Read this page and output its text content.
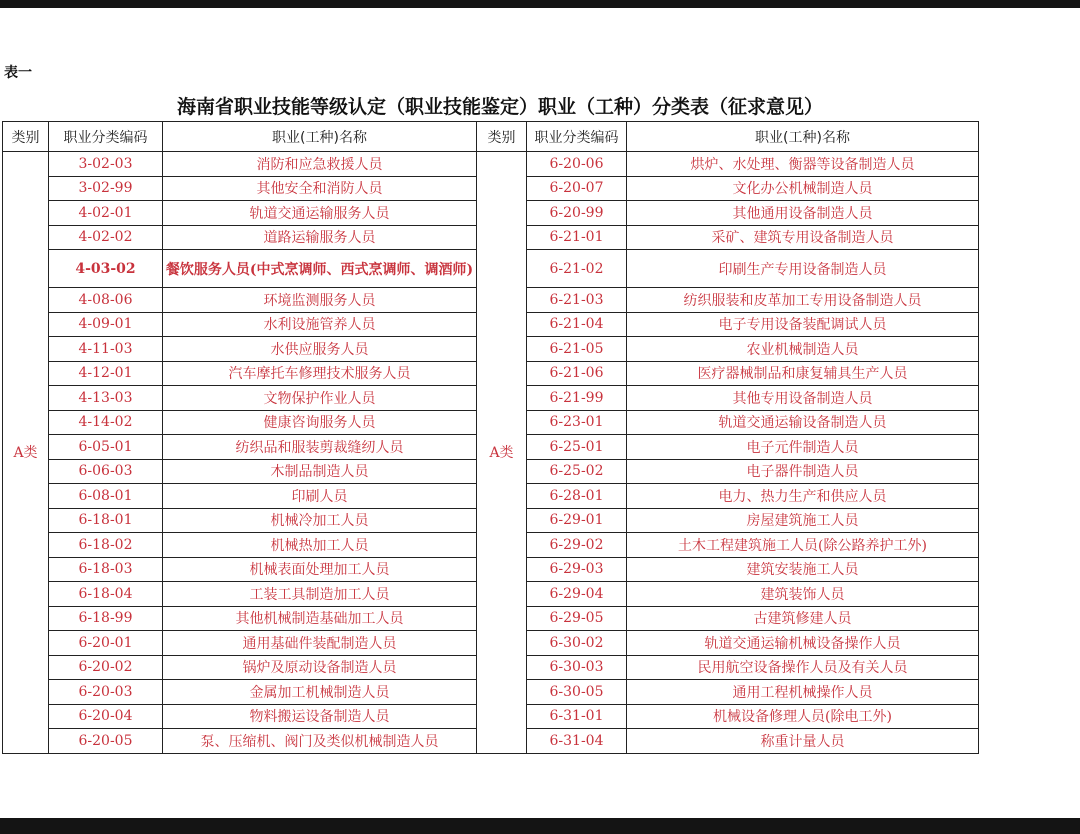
表一
海南省职业技能等级认定（职业技能鉴定）职业（工种）分类表（征求意见）
类别	职业分类编码	职业(工种)名称	类别	职业分类编码	职业(工种)名称
A类	3-02-03	消防和应急救援人员	A类	6-20-06	烘炉、水处理、衡器等设备制造人员
	3-02-99	其他安全和消防人员		6-20-07	文化办公机械制造人员
	4-02-01	轨道交通运输服务人员		6-20-99	其他通用设备制造人员
	4-02-02	道路运输服务人员		6-21-01	采矿、建筑专用设备制造人员
	4-03-02	餐饮服务人员(中式烹调师、西式烹调师、调酒师)		6-21-02	印刷生产专用设备制造人员
	4-08-06	环境监测服务人员		6-21-03	纺织服装和皮革加工专用设备制造人员
	4-09-01	水利设施管养人员		6-21-04	电子专用设备装配调试人员
	4-11-03	水供应服务人员		6-21-05	农业机械制造人员
	4-12-01	汽车摩托车修理技术服务人员		6-21-06	医疗器械制品和康复辅具生产人员
	4-13-03	文物保护作业人员		6-21-99	其他专用设备制造人员
	4-14-02	健康咨询服务人员		6-23-01	轨道交通运输设备制造人员
	6-05-01	纺织品和服装剪裁缝纫人员		6-25-01	电子元件制造人员
	6-06-03	木制品制造人员		6-25-02	电子器件制造人员
	6-08-01	印刷人员		6-28-01	电力、热力生产和供应人员
	6-18-01	机械冷加工人员		6-29-01	房屋建筑施工人员
	6-18-02	机械热加工人员		6-29-02	土木工程建筑施工人员(除公路养护工外)
	6-18-03	机械表面处理加工人员		6-29-03	建筑安装施工人员
	6-18-04	工装工具制造加工人员		6-29-04	建筑装饰人员
	6-18-99	其他机械制造基础加工人员		6-29-05	古建筑修建人员
	6-20-01	通用基础件装配制造人员		6-30-02	轨道交通运输机械设备操作人员
	6-20-02	锅炉及原动设备制造人员		6-30-03	民用航空设备操作人员及有关人员
	6-20-03	金属加工机械制造人员		6-30-05	通用工程机械操作人员
	6-20-04	物料搬运设备制造人员		6-31-01	机械设备修理人员(除电工外)
	6-20-05	泵、压缩机、阀门及类似机械制造人员		6-31-04	称重计量人员
